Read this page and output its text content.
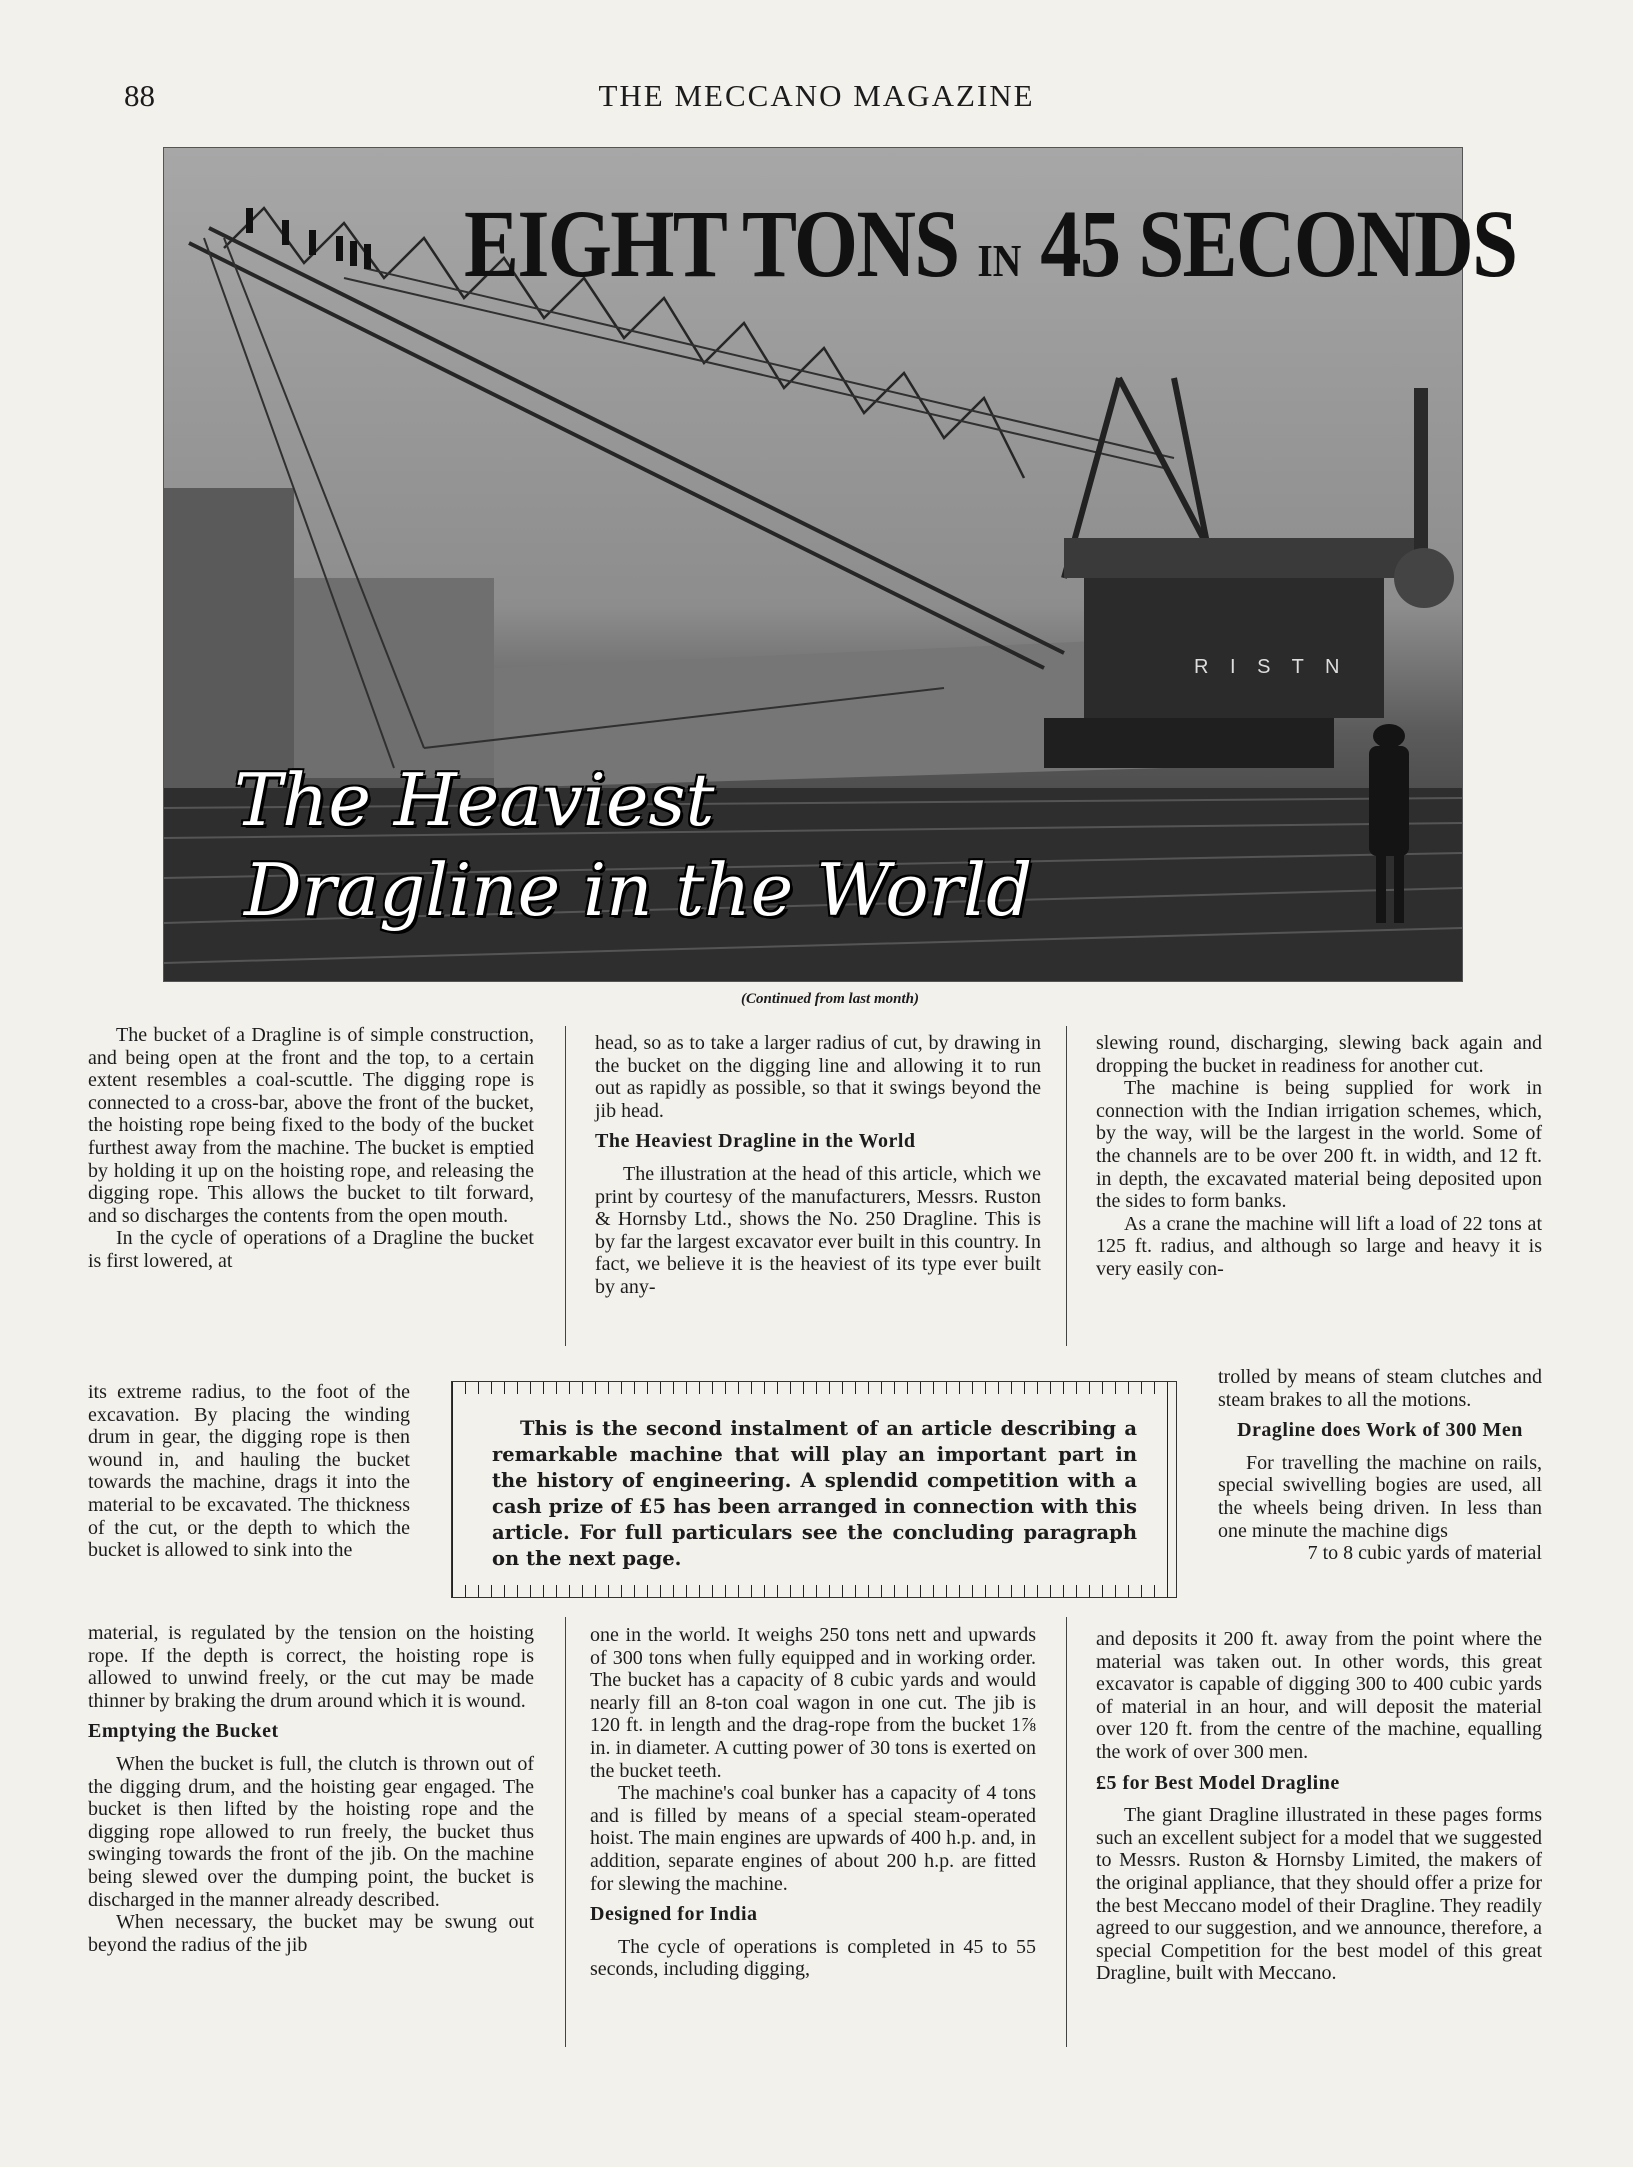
88	THE MECCANO MAGAZINE
R I S T N
EIGHT TONS IN 45 SECONDS
The Heaviest
Dragline in the World
(Continued from last month)

The bucket of a Dragline is of simple construction, and being open at the front and the top, to a certain extent resembles a coal-scuttle. The digging rope is connected to a cross-bar, above the front of the bucket, the hoisting rope being fixed to the body of the bucket furthest away from the machine. The bucket is emptied by holding it up on the hoisting rope, and releasing the digging rope. This allows the bucket to tilt forward, and so discharges the contents from the open mouth.

In the cycle of operations of a Dragline the bucket is first lowered, at

its extreme radius, to the foot of the excavation. By placing the winding drum in gear, the digging rope is then wound in, and hauling the bucket towards the machine, drags it into the material to be excavated. The thickness of the cut, or the depth to which the bucket is allowed to sink into the

material, is regulated by the tension on the hoisting rope. If the depth is correct, the hoisting rope is allowed to unwind freely, or the cut may be made thinner by braking the drum around which it is wound.

Emptying the Bucket

When the bucket is full, the clutch is thrown out of the digging drum, and the hoisting gear engaged. The bucket is then lifted by the hoisting rope and the digging rope allowed to run freely, the bucket thus swinging towards the front of the jib. On the machine being slewed over the dumping point, the bucket is discharged in the manner already described.

When necessary, the bucket may be swung out beyond the radius of the jib

head, so as to take a larger radius of cut, by drawing in the bucket on the digging line and allowing it to run out as rapidly as possible, so that it swings beyond the jib head.

The Heaviest Dragline in the World

The illustration at the head of this article, which we print by courtesy of the manufacturers, Messrs. Ruston & Hornsby Ltd., shows the No. 250 Dragline. This is by far the largest excavator ever built in this country. In fact, we believe it is the heaviest of its type ever built by any-

one in the world. It weighs 250 tons nett and upwards of 300 tons when fully equipped and in working order. The bucket has a capacity of 8 cubic yards and would nearly fill an 8-ton coal wagon in one cut. The jib is 120 ft. in length and the drag-rope from the bucket 1⅞ in. in diameter. A cutting power of 30 tons is exerted on the bucket teeth.

The machine's coal bunker has a capacity of 4 tons and is filled by means of a special steam-operated hoist. The main engines are upwards of 400 h.p. and, in addition, separate engines of about 200 h.p. are fitted for slewing the machine.

Designed for India

The cycle of operations is completed in 45 to 55 seconds, including digging,

slewing round, discharging, slewing back again and dropping the bucket in readiness for another cut.

The machine is being supplied for work in connection with the Indian irrigation schemes, which, by the way, will be the largest in the world. Some of the channels are to be over 200 ft. in width, and 12 ft. in depth, the excavated material being deposited upon the sides to form banks.

As a crane the machine will lift a load of 22 tons at 125 ft. radius, and although so large and heavy it is very easily con-

trolled by means of steam clutches and steam brakes to all the motions.

Dragline does Work of 300 Men

For travelling the machine on rails, special swivelling bogies are used, all the wheels being driven. In less than one minute the machine digs

7 to 8 cubic yards of material

and deposits it 200 ft. away from the point where the material was taken out. In other words, this great excavator is capable of digging 300 to 400 cubic yards of material in an hour, and will deposit the material over 120 ft. from the centre of the machine, equalling the work of over 300 men.

£5 for Best Model Dragline

The giant Dragline illustrated in these pages forms such an excellent subject for a model that we suggested to Messrs. Ruston & Hornsby Limited, the makers of the original appliance, that they should offer a prize for the best Meccano model of their Dragline. They readily agreed to our suggestion, and we announce, therefore, a special Competition for the best model of this great Dragline, built with Meccano.

This is the second instalment of an article describing a remarkable machine that will play an important part in the history of engineering. A splendid competition with a cash prize of £5 has been arranged in connection with this article. For full particulars see the concluding paragraph on the next page.
